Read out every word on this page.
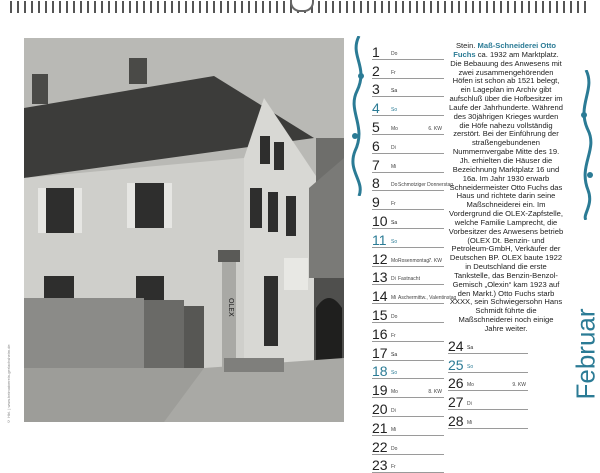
© Hbl. | www.heimatverein-gerlachsheim.de
OLEX
1 Do
2 Fr
3 Sa
4 So
5 Mo	6. KW
6 Di
7 Mi
8 Do Schmotziger Donnerstag
9 Fr
10 Sa
11 So
12 Mo Rosenmontag 7. KW
13 Di Fastnacht
14 Mi Aschermittw., Valentinstag
15 Do
16 Fr
17 Sa
18 So
19 Mo	8. KW
20 Di
21 Mi
22 Do
23 Fr
24 Sa
25 So
26 Mo	9. KW
27 Di
28 Mi
Stein. Maß-Schneiderei Otto Fuchs ca. 1932 am Marktplatz. Die Bebauung des Anwesens mit zwei zusammengehörenden Höfen ist schon ab 1521 belegt, ein Lageplan im Archiv gibt aufschluß über die Hofbesitzer im Laufe der Jahrhunderte. Während des 30jährigen Krieges wurden die Höfe nahezu vollständig zerstört. Bei der Einführung der straßengebundenen Nummernvergabe Mitte des 19. Jh. erhielten die Häuser die Bezeichnung Marktplatz 16 und 16a. Im Jahr 1930 erwarb Schneidermeister Otto Fuchs das Haus und richtete darin seine Maßschneiderei ein. Im Vordergrund die OLEX-Zapfstelle, welche Familie Lamprecht, die Vorbesitzer des Anwesens betrieb (OLEX Dt. Benzin- und Petroleum-GmbH, Verkäufer der Deutschen BP. OLEX baute 1922 in Deutschland die erste Tankstelle, das Benzin-Benzol-Gemisch „Olexin“ kam 1923 auf den Markt.) Otto Fuchs starb XXXX, sein Schwiegersohn Hans Schmidt führte die Maßschneiderei noch einige Jahre weiter.	Februar
